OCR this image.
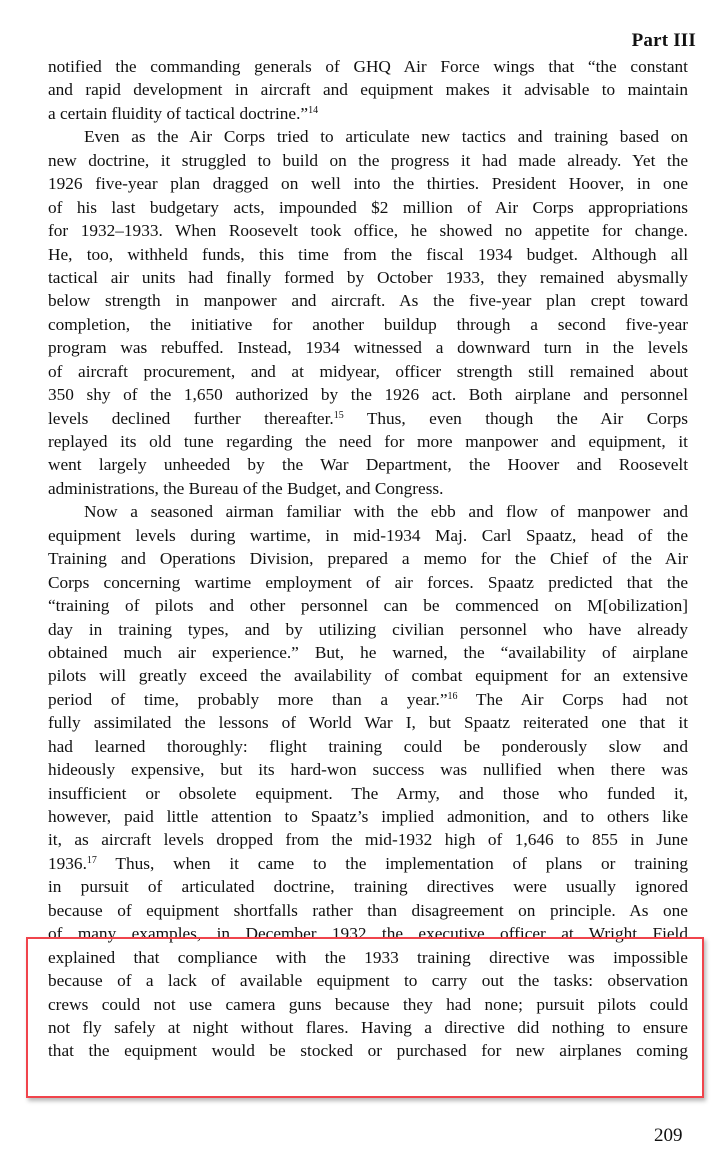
Part III
notified the commanding generals of GHQ Air Force wings that “the constant
and rapid development in aircraft and equipment makes it advisable to maintain
a certain fluidity of tactical doctrine.”$^{14}$
Even as the Air Corps tried to articulate new tactics and training based on
new doctrine, it struggled to build on the progress it had made already. Yet the
1926 five-year plan dragged on well into the thirties. President Hoover, in one
of his last budgetary acts, impounded $2 million of Air Corps appropriations
for 1932–1933. When Roosevelt took office, he showed no appetite for change.
He, too, withheld funds, this time from the fiscal 1934 budget. Although all
tactical air units had finally formed by October 1933, they remained abysmally
below strength in manpower and aircraft. As the five-year plan crept toward
completion, the initiative for another buildup through a second five-year
program was rebuffed. Instead, 1934 witnessed a downward turn in the levels
of aircraft procurement, and at midyear, officer strength still remained about
350 shy of the 1,650 authorized by the 1926 act. Both airplane and personnel
levels declined further thereafter.$^{15}$ Thus, even though the Air Corps
replayed its old tune regarding the need for more manpower and equipment, it
went largely unheeded by the War Department, the Hoover and Roosevelt
administrations, the Bureau of the Budget, and Congress.
Now a seasoned airman familiar with the ebb and flow of manpower and
equipment levels during wartime, in mid-1934 Maj. Carl Spaatz, head of the
Training and Operations Division, prepared a memo for the Chief of the Air
Corps concerning wartime employment of air forces. Spaatz predicted that the
“training of pilots and other personnel can be commenced on M[obilization]
day in training types, and by utilizing civilian personnel who have already
obtained much air experience.” But, he warned, the “availability of airplane
pilots will greatly exceed the availability of combat equipment for an extensive
period of time, probably more than a year.”$^{16}$ The Air Corps had not
fully assimilated the lessons of World War I, but Spaatz reiterated one that it
had learned thoroughly: flight training could be ponderously slow and
hideously expensive, but its hard-won success was nullified when there was
insufficient or obsolete equipment. The Army, and those who funded it,
however, paid little attention to Spaatz’s implied admonition, and to others like
it, as aircraft levels dropped from the mid-1932 high of 1,646 to 855 in June
1936.17 Thus, when it came to the implementation of plans or training
in pursuit of articulated doctrine, training directives were usually ignored
because of equipment shortfalls rather than disagreement on principle. As one
of many examples, in December 1932 the executive officer at Wright Field
explained that compliance with the 1933 training directive was impossible
because of a lack of available equipment to carry out the tasks: observation
crews could not use camera guns because they had none; pursuit pilots could
not fly safely at night without flares. Having a directive did nothing to ensure
that the equipment would be stocked or purchased for new airplanes coming
209
